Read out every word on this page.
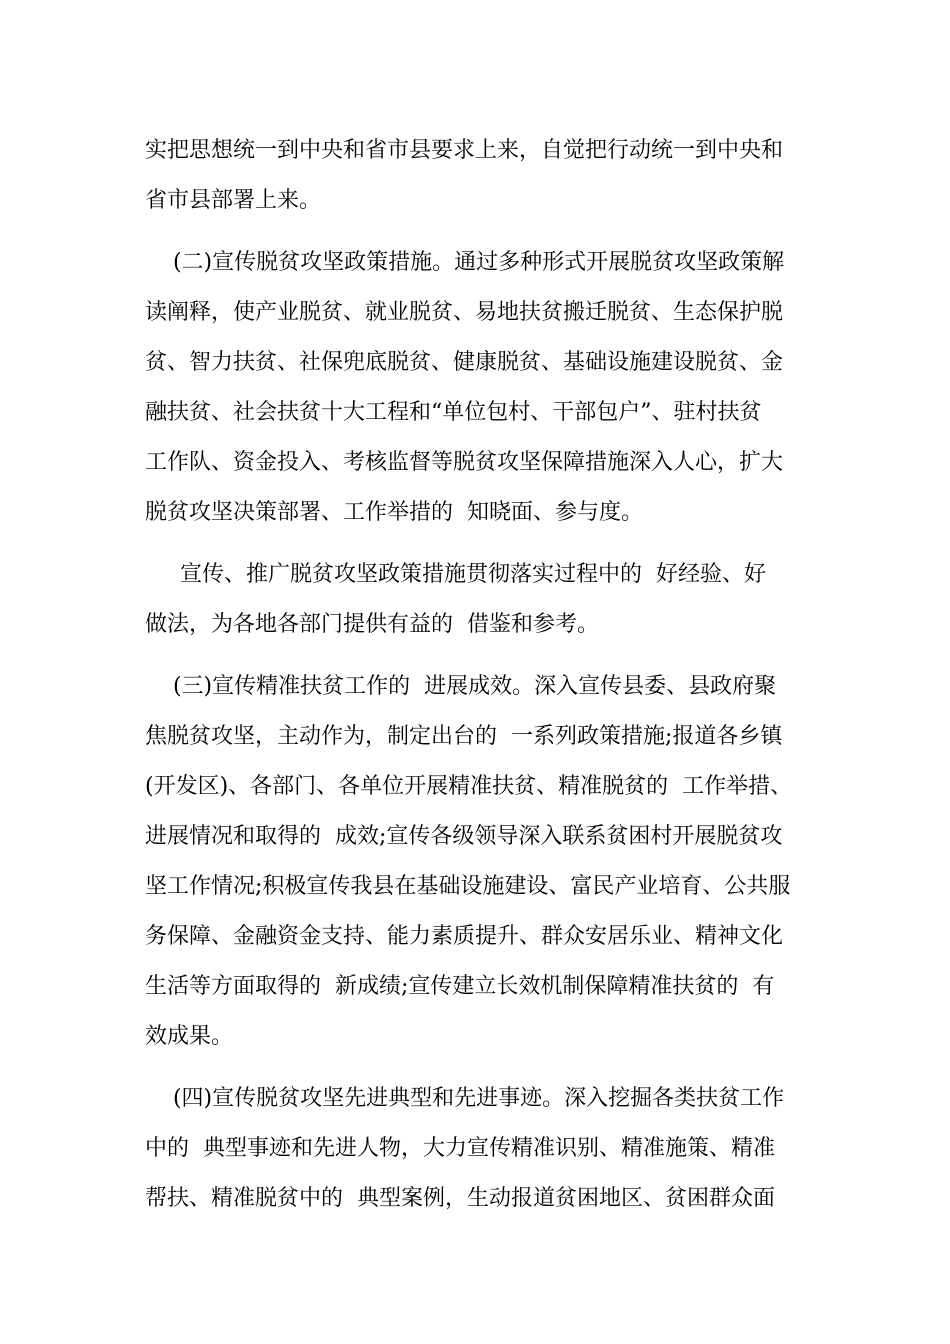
实把思想统一到中央和省市县要求上来，自觉把行动统一到中央和

省市县部署上来。

(二)宣传脱贫攻坚政策措施。通过多种形式开展脱贫攻坚政策解

读阐释，使产业脱贫、就业脱贫、易地扶贫搬迁脱贫、生态保护脱

贫、智力扶贫、社保兜底脱贫、健康脱贫、基础设施建设脱贫、金

融扶贫、社会扶贫十大工程和“单位包村、干部包户”、驻村扶贫

工作队、资金投入、考核监督等脱贫攻坚保障措施深入人心，扩大

脱贫攻坚决策部署、工作举措的  知晓面、参与度。

宣传、推广脱贫攻坚政策措施贯彻落实过程中的  好经验、好

做法，为各地各部门提供有益的  借鉴和参考。

(三)宣传精准扶贫工作的  进展成效。深入宣传县委、县政府聚

焦脱贫攻坚，主动作为，制定出台的  一系列政策措施;报道各乡镇

(开发区)、各部门、各单位开展精准扶贫、精准脱贫的  工作举措、

进展情况和取得的  成效;宣传各级领导深入联系贫困村开展脱贫攻

坚工作情况;积极宣传我县在基础设施建设、富民产业培育、公共服

务保障、金融资金支持、能力素质提升、群众安居乐业、精神文化

生活等方面取得的  新成绩;宣传建立长效机制保障精准扶贫的  有

效成果。

(四)宣传脱贫攻坚先进典型和先进事迹。深入挖掘各类扶贫工作

中的  典型事迹和先进人物，大力宣传精准识别、精准施策、精准

帮扶、精准脱贫中的  典型案例，生动报道贫困地区、贫困群众面
